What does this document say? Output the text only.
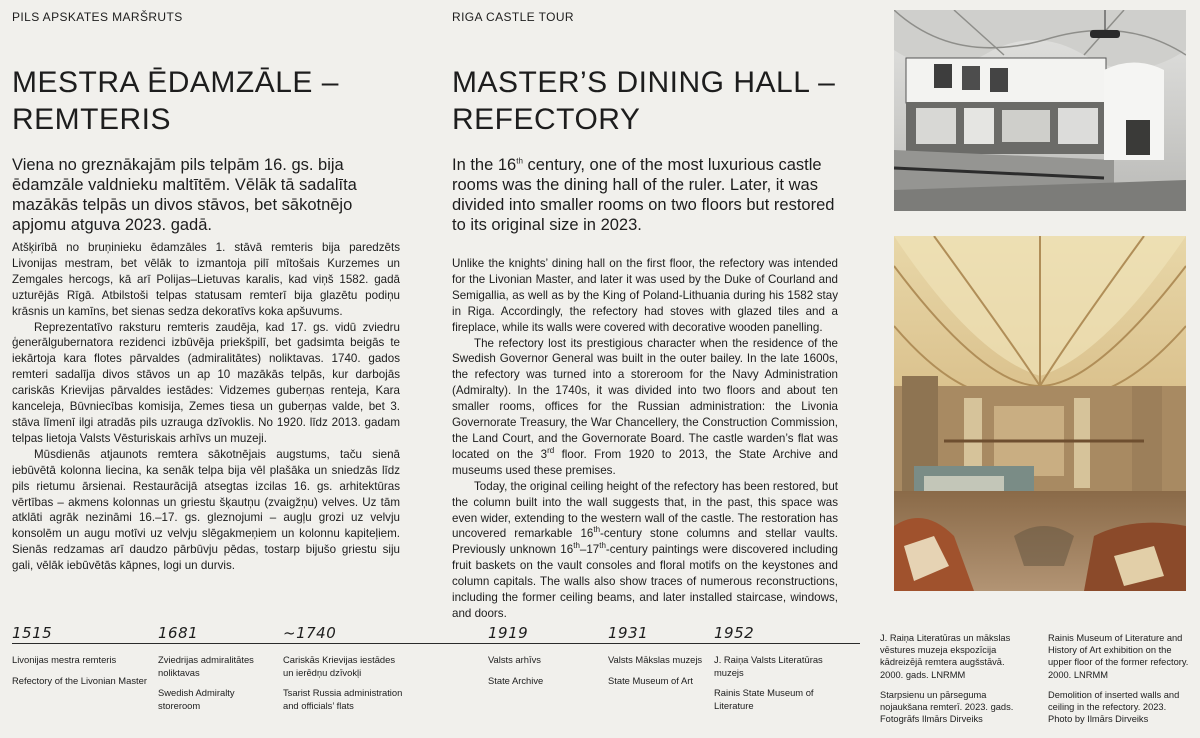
PILS APSKATES MARŠRUTS
MESTRA ĒDAMZĀLE –
REMTERIS

Viena no greznākajām pils telpām 16. gs. bija ēdamzāle valdnieku maltītēm. Vēlāk tā sadalīta mazākās telpās un divos stāvos, bet sākotnējo apjomu atguva 2023. gadā.

Atšķirībā no bruņinieku ēdamzāles 1. stāvā remteris bija paredzēts Livonijas mestram, bet vēlāk to izmantoja pilī mītošais Kurzemes un Zemgales hercogs, kā arī Polijas–Lietuvas karalis, kad viņš 1582. gadā uzturējās Rīgā. Atbilstoši telpas statusam remterī bija glazētu podiņu krāsnis un kamīns, bet sienas sedza dekoratīvs koka apšuvums.

Reprezentatīvo raksturu remteris zaudēja, kad 17. gs. vidū zviedru ģenerālgubernatora rezidenci izbūvēja priekšpilī, bet gadsimta beigās te iekārtoja kara flotes pārvaldes (admiralitātes) noliktavas. 1740. gados remteri sadalīja divos stāvos un ap 10 mazākās telpās, kur darbojās cariskās Krievijas pārvaldes iestādes: Vidzemes guberņas renteja, Kara kanceleja, Būvniecības komisija, Zemes tiesa un guberņas valde, bet 3. stāva līmenī ilgi atradās pils uzrauga dzīvoklis. No 1920. līdz 2013. gadam telpas lietoja Valsts Vēsturiskais arhīvs un muzeji.

Mūsdienās atjaunots remtera sākotnējais augstums, taču sienā iebūvētā kolonna liecina, ka senāk telpa bija vēl plašāka un sniedzās līdz pils rietumu ārsienai. Restaurācijā atsegtas izcilas 16. gs. arhitektūras vērtības – akmens kolonnas un griestu šķautņu (zvaigžņu) velves. Uz tām atklāti agrāk nezināmi 16.–17. gs. gleznojumi – augļu grozi uz velvju konsolēm un augu motīvi uz velvju slēgakmeņiem un kolonnu kapiteļiem. Sienās redzamas arī daudzo pārbūvju pēdas, tostarp bijušo griestu siju gali, vēlāk iebūvētās kāpnes, logi un durvis.

RIGA CASTLE TOUR
MASTER’S DINING HALL –
REFECTORY

In the 16th century, one of the most luxurious castle rooms was the dining hall of the ruler. Later, it was divided into smaller rooms on two floors but restored to its original size in 2023.

Unlike the knights’ dining hall on the first floor, the refectory was intended for the Livonian Master, and later it was used by the Duke of Courland and Semigallia, as well as by the King of Poland-Lithuania during his 1582 stay in Riga. Accordingly, the refectory had stoves with glazed tiles and a fireplace, while its walls were covered with decorative wooden panelling.

The refectory lost its prestigious character when the residence of the Swedish Governor General was built in the outer bailey. In the late 1600s, the refectory was turned into a storeroom for the Navy Administration (Admiralty). In the 1740s, it was divided into two floors and about ten smaller rooms, offices for the Russian administration: the Livonia Governorate Treasury, the War Chancellery, the Construction Commission, the Land Court, and the Governorate Board. The castle warden’s flat was located on the 3rd floor. From 1920 to 2013, the State Archive and museums used these premises.

Today, the original ceiling height of the refectory has been restored, but the column built into the wall suggests that, in the past, this space was even wider, extending to the western wall of the castle. The restoration has uncovered remarkable 16th-century stone columns and stellar vaults. Previously unknown 16th–17th-century paintings were discovered including fruit baskets on the vault consoles and floral motifs on the keystones and column capitals. The walls also show traces of numerous reconstructions, including the former ceiling beams, and later installed staircase, windows, and doors.

1515
Livonijas mestra remteris
Refectory of the Livonian Master
1681
Zviedrijas admiralitātes noliktavas
Swedish Admiralty storeroom
~1740
Cariskās Krievijas iestādes un ierēdņu dzīvokļi
Tsarist Russia administration and officials’ flats
1919
Valsts arhīvs
State Archive
1931
Valsts Mākslas muzejs
State Museum of Art
1952
J. Raiņa Valsts Literatūras muzejs
Rainis State Museum of Literature

J. Raiņa Literatūras un mākslas vēstures muzeja ekspozīcija kādreizējā remtera augšstāvā. 2000. gads. LNRMM

Starpsienu un pārseguma nojaukšana remterī. 2023. gads. Fotogrāfs Ilmārs Dirveiks

Rainis Museum of Literature and History of Art exhibition on the upper floor of the former refectory. 2000. LNRMM

Demolition of inserted walls and ceiling in the refectory. 2023. Photo by Ilmārs Dirveiks
